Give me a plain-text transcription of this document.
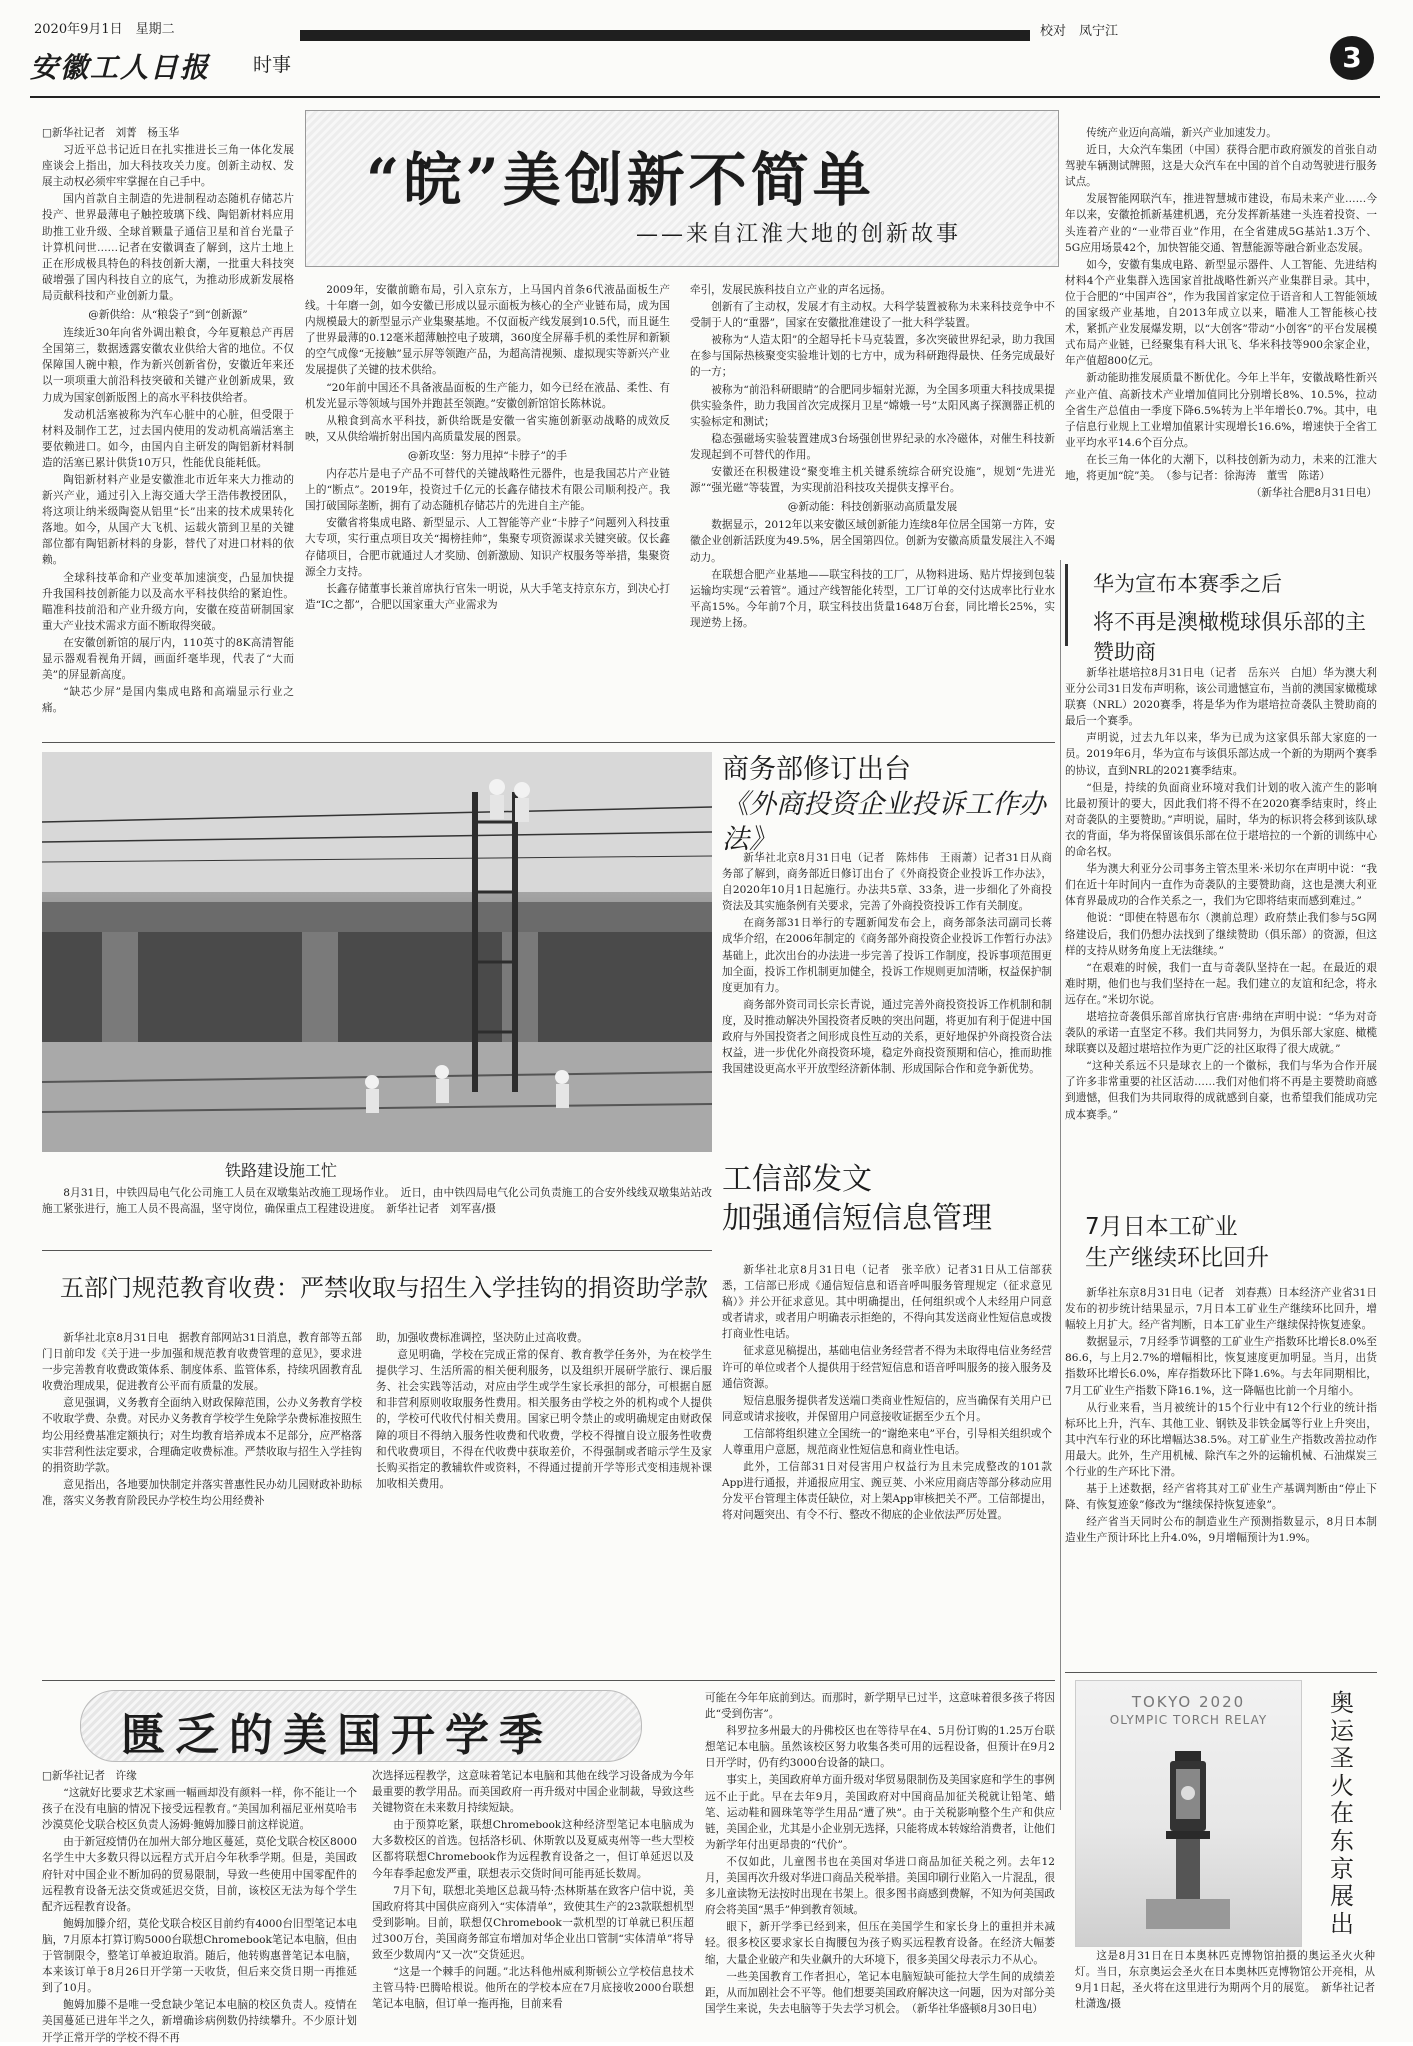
2020年9月1日　星期二
安徽工人日报 时事
校对　凤宁江
3
“皖”美创新不简单
——来自江淮大地的创新故事

□新华社记者　刘菁　杨玉华

习近平总书记近日在扎实推进长三角一体化发展座谈会上指出，加大科技攻关力度。创新主动权、发展主动权必须牢牢掌握在自己手中。

国内首款自主制造的先进制程动态随机存储芯片投产、世界最薄电子触控玻璃下线、陶铝新材料应用助推工业升级、全球首颗量子通信卫星和首台光量子计算机问世……记者在安徽调查了解到，这片土地上正在形成极具特色的科技创新大潮，一批重大科技突破增强了国内科技自立的底气，为推动形成新发展格局贡献科技和产业创新力量。

@新供给：从“粮袋子”到“创新源”

连续近30年向省外调出粮食，今年夏粮总产再居全国第三，数据透露安徽农业供给大省的地位。不仅保障国人碗中粮，作为新兴创新省份，安徽近年来还以一项项重大前沿科技突破和关键产业创新成果，致力成为国家创新版图上的高水平科技供给者。

发动机活塞被称为汽车心脏中的心脏，但受限于材料及制作工艺，过去国内使用的发动机高端活塞主要依赖进口。如今，由国内自主研发的陶铝新材料制造的活塞已累计供货10万只，性能优良能耗低。

陶铝新材料产业是安徽淮北市近年来大力推动的新兴产业，通过引入上海交通大学王浩伟教授团队，将这项让纳米级陶瓷从铝里“长”出来的技术成果转化落地。如今，从国产大飞机、运载火箭到卫星的关键部位都有陶铝新材料的身影，替代了对进口材料的依赖。

全球科技革命和产业变革加速演变，凸显加快提升我国科技创新能力以及高水平科技供给的紧迫性。瞄准科技前沿和产业升级方向，安徽在疫苗研制国家重大产业技术需求方面不断取得突破。

在安徽创新馆的展厅内，110英寸的8K高清智能显示器观看视角开阔，画面纤毫毕现，代表了“大而美”的屏显新高度。

“缺芯少屏”是国内集成电路和高端显示行业之痛。

2009年，安徽前瞻布局，引入京东方，上马国内首条6代液晶面板生产线。十年磨一剑，如今安徽已形成以显示面板为核心的全产业链布局，成为国内规模最大的新型显示产业集聚基地。不仅面板产线发展到10.5代，而且诞生了世界最薄的0.12毫米超薄触控电子玻璃，360度全屏幕手机的柔性屏和新颖的空气成像“无接触”显示屏等领跑产品，为超高清视频、虚拟现实等新兴产业发展提供了关键的技术供给。

“20年前中国还不具备液晶面板的生产能力，如今已经在液晶、柔性、有机发光显示等领域与国外并跑甚至领跑。”安徽创新馆馆长陈林说。

从粮食到高水平科技，新供给既是安徽一省实施创新驱动战略的成效反映，又从供给端折射出国内高质量发展的图景。

@新攻坚：努力甩掉“卡脖子”的手

内存芯片是电子产品不可替代的关键战略性元器件，也是我国芯片产业链上的“断点”。2019年，投资过千亿元的长鑫存储技术有限公司顺利投产。我国打破国际垄断，拥有了动态随机存储芯片的先进自主产能。

安徽省将集成电路、新型显示、人工智能等产业“卡脖子”问题列入科技重大专项，实行重点项目攻关“揭榜挂帅”，集聚专项资源谋求关键突破。仅长鑫存储项目，合肥市就通过人才奖励、创新激励、知识产权服务等举措，集聚资源全力支持。

长鑫存储董事长兼首席执行官朱一明说，从大手笔支持京东方，到决心打造“IC之都”，合肥以国家重大产业需求为

牵引，发展民族科技自立产业的声名远扬。

创新有了主动权，发展才有主动权。大科学装置被称为未来科技竞争中不受制于人的“重器”，国家在安徽批准建设了一批大科学装置。

被称为“人造太阳”的全超导托卡马克装置，多次突破世界纪录，助力我国在参与国际热核聚变实验堆计划的七方中，成为科研跑得最快、任务完成最好的一方；

被称为“前沿科研眼睛”的合肥同步辐射光源，为全国多项重大科技成果提供实验条件，助力我国首次完成探月卫星“嫦娥一号”太阳风离子探测器正机的实验标定和测试；

稳态强磁场实验装置建成3台场强创世界纪录的水冷磁体，对催生科技新发现起到不可替代的作用。

安徽还在积极建设“聚变堆主机关键系统综合研究设施”，规划“先进光源”“强光磁”等装置，为实现前沿科技攻关提供支撑平台。

@新动能：科技创新驱动高质量发展

数据显示，2012年以来安徽区域创新能力连续8年位居全国第一方阵，安徽企业创新活跃度为49.5%，居全国第四位。创新为安徽高质量发展注入不竭动力。

在联想合肥产业基地——联宝科技的工厂，从物料进场、贴片焊接到包装运输均实现“云着管”。通过产线智能化转型，工厂订单的交付达成率比行业水平高15%。今年前7个月，联宝科技出货量1648万台套，同比增长25%，实现逆势上扬。

传统产业迈向高端，新兴产业加速发力。

近日，大众汽车集团（中国）获得合肥市政府颁发的首张自动驾驶车辆测试牌照，这是大众汽车在中国的首个自动驾驶进行服务试点。

发展智能网联汽车，推进智慧城市建设，布局未来产业……今年以来，安徽抢抓新基建机遇，充分发挥新基建一头连着投资、一头连着产业的“一业带百业”作用，在全省建成5G基站1.3万个、5G应用场景42个，加快智能交通、智慧能源等融合新业态发展。

如今，安徽有集成电路、新型显示器件、人工智能、先进结构材料4个产业集群入选国家首批战略性新兴产业集群目录。其中，位于合肥的“中国声谷”，作为我国首家定位于语音和人工智能领域的国家级产业基地，自2013年成立以来，瞄准人工智能核心技术，紧抓产业发展爆发期，以“大创客”带动“小创客”的平台发展模式布局产业链，已经聚集有科大讯飞、华米科技等900余家企业，年产值超800亿元。

新动能助推发展质量不断优化。今年上半年，安徽战略性新兴产业产值、高新技术产业增加值同比分别增长8%、10.5%，拉动全省生产总值由一季度下降6.5%转为上半年增长0.7%。其中，电子信息行业规上工业增加值累计实现增长16.6%，增速快于全省工业平均水平14.6个百分点。

在长三角一体化的大潮下，以科技创新为动力，未来的江淮大地，将更加“皖”美。　（参与记者：徐海涛　董雪　陈诺）

（新华社合肥8月31日电）

华为宣布本赛季之后
将不再是澳橄榄球俱乐部的主赞助商

新华社堪培拉8月31日电（记者　岳东兴　白旭）华为澳大利亚分公司31日发布声明称，该公司遗憾宣布，当前的澳国家橄榄球联赛（NRL）2020赛季，将是华为作为堪培拉奇袭队主赞助商的最后一个赛季。

声明说，过去九年以来，华为已成为这家俱乐部大家庭的一员。2019年6月，华为宣布与该俱乐部达成一个新的为期两个赛季的协议，直到NRL的2021赛季结束。

“但是，持续的负面商业环境对我们计划的收入流产生的影响比最初预计的要大，因此我们将不得不在2020赛季结束时，终止对奇袭队的主要赞助。”声明说，届时，华为的标识将会移到该队球衣的背面，华为将保留该俱乐部在位于堪培拉的一个新的训练中心的命名权。

华为澳大利亚分公司事务主管杰里米·米切尔在声明中说：“我们在近十年时间内一直作为奇袭队的主要赞助商，这也是澳大利亚体育界最成功的合作关系之一，我们为它即将结束而感到难过。”

他说：“即使在特恩布尔（澳前总理）政府禁止我们参与5G网络建设后，我们仍想办法找到了继续赞助（俱乐部）的资源，但这样的支持从财务角度上无法继续。”

“在艰难的时候，我们一直与奇袭队坚持在一起。在最近的艰难时期，他们也与我们坚持在一起。我们建立的友谊和纪念，将永远存在。”米切尔说。

堪培拉奇袭俱乐部首席执行官唐·弗纳在声明中说：“华为对奇袭队的承诺一直坚定不移。我们共同努力，为俱乐部大家庭、橄榄球联赛以及超过堪培拉作为更广泛的社区取得了很大成就。”

“这种关系远不只是球衣上的一个徽标，我们与华为合作开展了许多非常重要的社区活动……我们对他们将不再是主要赞助商感到遗憾，但我们为共同取得的成就感到自豪，也希望我们能成功完成本赛季。”

铁路建设施工忙

8月31日，中铁四局电气化公司施工人员在双墩集站改施工现场作业。　近日，由中铁四局电气化公司负责施工的合安外线线双墩集站站改施工紧张进行，施工人员不畏高温，坚守岗位，确保重点工程建设进度。　新华社记者　刘军喜/摄

商务部修订出台
《外商投资企业投诉工作办法》

新华社北京8月31日电（记者　陈炜伟　王雨萧）记者31日从商务部了解到，商务部近日修订出台了《外商投资企业投诉工作办法》，自2020年10月1日起施行。办法共5章、33条，进一步细化了外商投资法及其实施条例有关要求，完善了外商投资投诉工作有关制度。

在商务部31日举行的专题新闻发布会上，商务部条法司副司长蒋成华介绍，在2006年制定的《商务部外商投资企业投诉工作暂行办法》基础上，此次出台的办法进一步完善了投诉工作制度，投诉事项范围更加全面，投诉工作机制更加健全，投诉工作规则更加清晰，权益保护制度更加有力。

商务部外资司司长宗长青说，通过完善外商投资投诉工作机制和制度，及时推动解决外国投资者反映的突出问题，将更加有利于促进中国政府与外国投资者之间形成良性互动的关系，更好地保护外商投资合法权益，进一步优化外商投资环境，稳定外商投资预期和信心，推而助推我国建设更高水平开放型经济新体制、形成国际合作和竞争新优势。

工信部发文
加强通信短信息管理

新华社北京8月31日电（记者　张辛欣）记者31日从工信部获悉，工信部已形成《通信短信息和语音呼叫服务管理规定（征求意见稿）》并公开征求意见。其中明确提出，任何组织或个人未经用户同意或者请求，或者用户明确表示拒绝的，不得向其发送商业性短信息或拨打商业性电话。

征求意见稿提出，基础电信业务经营者不得为未取得电信业务经营许可的单位或者个人提供用于经营短信息和语音呼叫服务的接入服务及通信资源。

短信息服务提供者发送端口类商业性短信的，应当确保有关用户已同意或请求接收，并保留用户同意接收证据至少五个月。

工信部将组织建立全国统一的“谢绝来电”平台，引导相关组织或个人尊重用户意愿，规范商业性短信息和商业性电话。

此外，工信部31日对侵害用户权益行为且未完成整改的101款App进行通报，并通报应用宝、豌豆荚、小米应用商店等部分移动应用分发平台管理主体责任缺位，对上架App审核把关不严。工信部提出，将对问题突出、有令不行、整改不彻底的企业依法严厉处置。

7月日本工矿业
生产继续环比回升

新华社东京8月31日电（记者　刘春燕）日本经济产业省31日发布的初步统计结果显示，7月日本工矿业生产继续环比回升，增幅较上月扩大。经产省判断，日本工矿业生产继续保持恢复迹象。

数据显示，7月经季节调整的工矿业生产指数环比增长8.0%至86.6，与上月2.7%的增幅相比，恢复速度更加明显。当月，出货指数环比增长6.0%，库存指数环比下降1.6%。与去年同期相比，7月工矿业生产指数下降16.1%，这一降幅也比前一个月缩小。

从行业来看，当月被统计的15个行业中有12个行业的统计指标环比上升，汽车、其他工业、钢铁及非铁金属等行业上升突出，其中汽车行业的环比增幅达38.5%。对工矿业生产指数改善拉动作用最大。此外，生产用机械、除汽车之外的运输机械、石油煤炭三个行业的生产环比下滑。

基于上述数据，经产省将其对工矿业生产基调判断由“停止下降、有恢复迹象”修改为“继续保持恢复迹象”。

经产省当天同时公布的制造业生产预测指数显示，8月日本制造业生产预计环比上升4.0%，9月增幅预计为1.9%。

五部门规范教育收费：严禁收取与招生入学挂钩的捐资助学款

新华社北京8月31日电　据教育部网站31日消息，教育部等五部门日前印发《关于进一步加强和规范教育收费管理的意见》，要求进一步完善教育收费政策体系、制度体系、监管体系，持续巩固教育乱收费治理成果，促进教育公平而有质量的发展。

意见强调，义务教育全面纳入财政保障范围，公办义务教育学校不收取学费、杂费。对民办义务教育学校学生免除学杂费标准按照生均公用经费基准定额执行；对生均教育培养成本不足部分，应严格落实非营利性法定要求，合理确定收费标准。严禁收取与招生入学挂钩的捐资助学款。

意见指出，各地要加快制定并落实普惠性民办幼儿园财政补助标准，落实义务教育阶段民办学校生均公用经费补

助，加强收费标准调控，坚决防止过高收费。

意见明确，学校在完成正常的保育、教育教学任务外，为在校学生提供学习、生活所需的相关便利服务，以及组织开展研学旅行、课后服务、社会实践等活动，对应由学生或学生家长承担的部分，可根据自愿和非营利原则收取服务性费用。相关服务由学校之外的机构或个人提供的，学校可代收代付相关费用。国家已明令禁止的或明确规定由财政保障的项目不得纳入服务性收费和代收费，学校不得擅自设立服务性收费和代收费项目，不得在代收费中获取差价，不得强制或者暗示学生及家长购买指定的教辅软件或资料，不得通过提前开学等形式变相违规补课加收相关费用。

匮乏的美国开学季

□新华社记者　许缘

“这就好比要求艺术家画一幅画却没有颜料一样，你不能让一个孩子在没有电脑的情况下接受远程教育。”美国加利福尼亚州莫哈韦沙漠莫伦戈联合校区负责人汤姆·鲍姆加滕日前这样说道。

由于新冠疫情仍在加州大部分地区蔓延，莫伦戈联合校区8000名学生中大多数只得以远程方式开启今年秋季学期。但是，美国政府针对中国企业不断加码的贸易限制，导致一些使用中国零配件的远程教育设备无法交货或延迟交货，目前，该校区无法为每个学生配齐远程教育设备。

鲍姆加滕介绍，莫伦戈联合校区目前约有4000台旧型笔记本电脑，7月原本打算订购5000台联想Chromebook笔记本电脑，但由于管制限令，整笔订单被迫取消。随后，他转购惠普笔记本电脑，本来该订单于8月26日开学第一天收货，但后来交货日期一再推延到了10月。

鲍姆加滕不是唯一受怠缺少笔记本电脑的校区负责人。疫情在美国蔓延已进年半之久，新增确诊病例数仍持续攀升。不少原计划开学正常开学的学校不得不再

次选择远程教学，这意味着笔记本电脑和其他在线学习设备成为今年最重要的教学用品。而美国政府一再升级对中国企业制裁，导致这些关键物资在未来数月持续短缺。

由于预算吃紧，联想Chromebook这种经济型笔记本电脑成为大多数校区的首选。包括洛杉矶、休斯敦以及夏威夷州等一些大型校区都将联想Chromebook作为远程教育设备之一，但订单延迟以及今年春季起愈发严重，联想表示交货时间可能再延长数周。

7月下旬，联想北美地区总裁马特·杰林斯基在致客户信中说，美国政府将其中国供应商列入“实体清单”，致使其生产的23款联想机型受到影响。目前，联想仅Chromebook一款机型的订单就已积压超过300万台，美国商务部宣布增加对华企业出口管制“实体清单”将导致至少数周内“又一次”交货延迟。

“这是一个棘手的问题。”北达科他州威利斯顿公立学校信息技术主管马特·巴腾哈根说。他所在的学校本应在7月底接收2000台联想笔记本电脑，但订单一拖再拖，目前来看

可能在今年年底前到达。而那时，新学期早已过半，这意味着很多孩子将因此“受到伤害”。

科罗拉多州最大的丹佛校区也在等待早在4、5月份订购的1.25万台联想笔记本电脑。虽然该校区努力收集各类可用的远程设备，但预计在9月2日开学时，仍有约3000台设备的缺口。

事实上，美国政府单方面升级对华贸易限制伤及美国家庭和学生的事例远不止于此。早在去年9月，美国政府对中国商品加征关税就让铅笔、蜡笔、运动鞋和圆珠笔等学生用品“遭了殃”。由于关税影响整个生产和供应链，美国企业，尤其是小企业别无选择，只能将成本转嫁给消费者，让他们为新学年付出更昂贵的“代价”。

不仅如此，儿童图书也在美国对华进口商品加征关税之列。去年12月，美国再次升级对华进口商品关税举措。美国印刷行业陷入一片混乱，很多儿童读物无法按时出现在书架上。很多图书商感到费解，不知为何美国政府会将美国“黑手”伸到教育领域。

眼下，新开学季已经到来，但压在美国学生和家长身上的重担并未减轻。很多校区要求家长自掏腰包为孩子购买远程教育设备。在经济大幅萎缩，大量企业破产和失业飙升的大环境下，很多美国父母表示力不从心。

一些美国教育工作者担心，笔记本电脑短缺可能拉大学生间的成绩差距，从而加剧社会不平等。他们想要美国政府解决这一问题，因为对部分美国学生来说，失去电脑等于失去学习机会。　（新华社华盛顿8月30日电）

TOKYO 2020
OLYMPIC TORCH RELAY
奥运圣火在东京展出

这是8月31日在日本奥林匹克博物馆拍摄的奥运圣火火种灯。当日，东京奥运会圣火在日本奥林匹克博物馆公开亮相，从9月1日起，圣火将在这里进行为期两个月的展览。　新华社记者　杜潇逸/摄
